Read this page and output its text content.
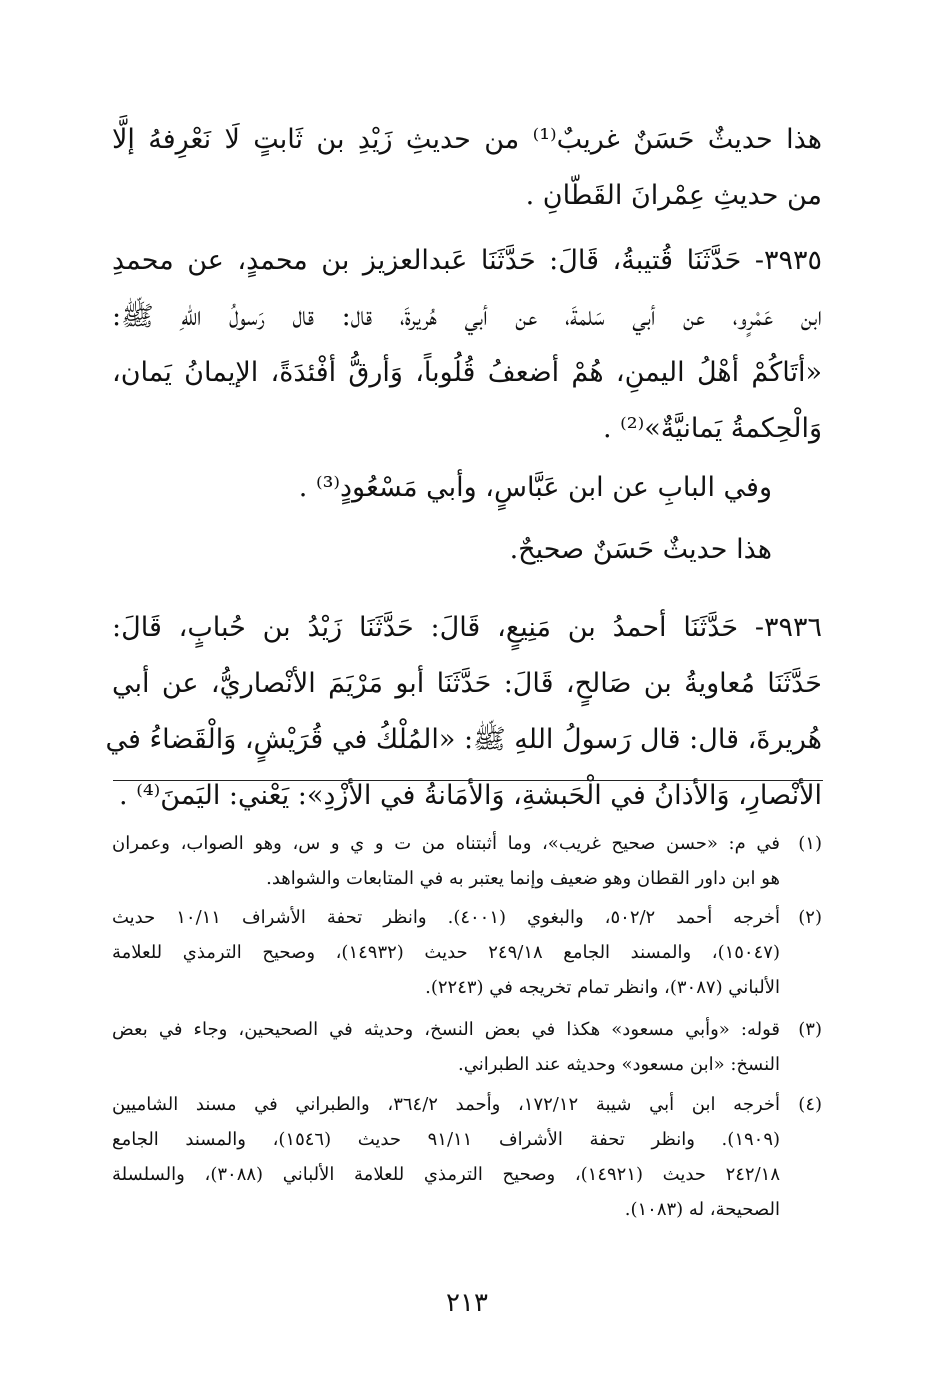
هذا حديثٌ حَسَنٌ غريبٌ⁽¹⁾ من حديثِ زَيْدِ بن ثَابتٍ لَا نَعْرِفهُ إلَّا
من حديثِ عِمْرانَ القَطّانِ .
٣٩٣٥- حَدَّثَنَا قُتيبةُ، قَالَ: حَدَّثَنَا عَبدالعزيز بن محمدٍ، عن محمدِ
ابن عَمْرٍو، عن أبي سَلمةَ، عن أبي هُريرةَ، قال: قال رَسولُ اللهِ ﷺ:
«أتَاكُمْ أهْلُ اليمنِ، هُمْ أضعفُ قُلُوباً، وَأرقُّ أفْئدَةً، الإيمانُ يَمان،
وَالْحِكمةُ يَمانيَّةٌ»⁽²⁾ .
وفي البابِ عن ابن عَبَّاسٍ، وأبي مَسْعُودٍ⁽³⁾ .
هذا حديثٌ حَسَنٌ صحيحٌ.
٣٩٣٦- حَدَّثَنَا أحمدُ بن مَنِيعٍ، قَالَ: حَدَّثَنَا زَيْدُ بن حُبابٍ، قَالَ:
حَدَّثَنَا مُعاويةُ بن صَالحٍ، قَالَ: حَدَّثَنَا أبو مَرْيَمَ الأنْصاريُّ، عن أبي
هُريرةَ، قال: قال رَسولُ اللهِ ﷺ: «المُلْكُ في قُرَيْشٍ، وَالْقَضاءُ في
الأنْصارِ، وَالأذانُ في الْحَبشةِ، وَالأمَانةُ في الأزْدِ»: يَعْني: اليَمنَ⁽⁴⁾ .
(١)في م: «حسن صحيح غريب»، وما أثبتناه من ت و ي و س، وهو الصواب، وعمران
هو ابن داور القطان وهو ضعيف وإنما يعتبر به في المتابعات والشواهد.
(٢)أخرجه أحمد ٥٠٢/٢، والبغوي (٤٠٠١). وانظر تحفة الأشراف ١٠/١١ حديث
(١٥٠٤٧)، والمسند الجامع ٢٤٩/١٨ حديث (١٤٩٣٢)، وصحيح الترمذي للعلامة
الألباني (٣٠٨٧)، وانظر تمام تخريجه في (٢٢٤٣).
(٣)قوله: «وأبي مسعود» هكذا في بعض النسخ، وحديثه في الصحيحين، وجاء في بعض
النسخ: «ابن مسعود» وحديثه عند الطبراني.
(٤)أخرجه ابن أبي شيبة ١٧٢/١٢، وأحمد ٣٦٤/٢، والطبراني في مسند الشاميين
(١٩٠٩). وانظر تحفة الأشراف ٩١/١١ حديث (١٥٤٦)، والمسند الجامع
٢٤٢/١٨ حديث (١٤٩٢١)، وصحيح الترمذي للعلامة الألباني (٣٠٨٨)، والسلسلة
الصحيحة، له (١٠٨٣).
٢١٣
